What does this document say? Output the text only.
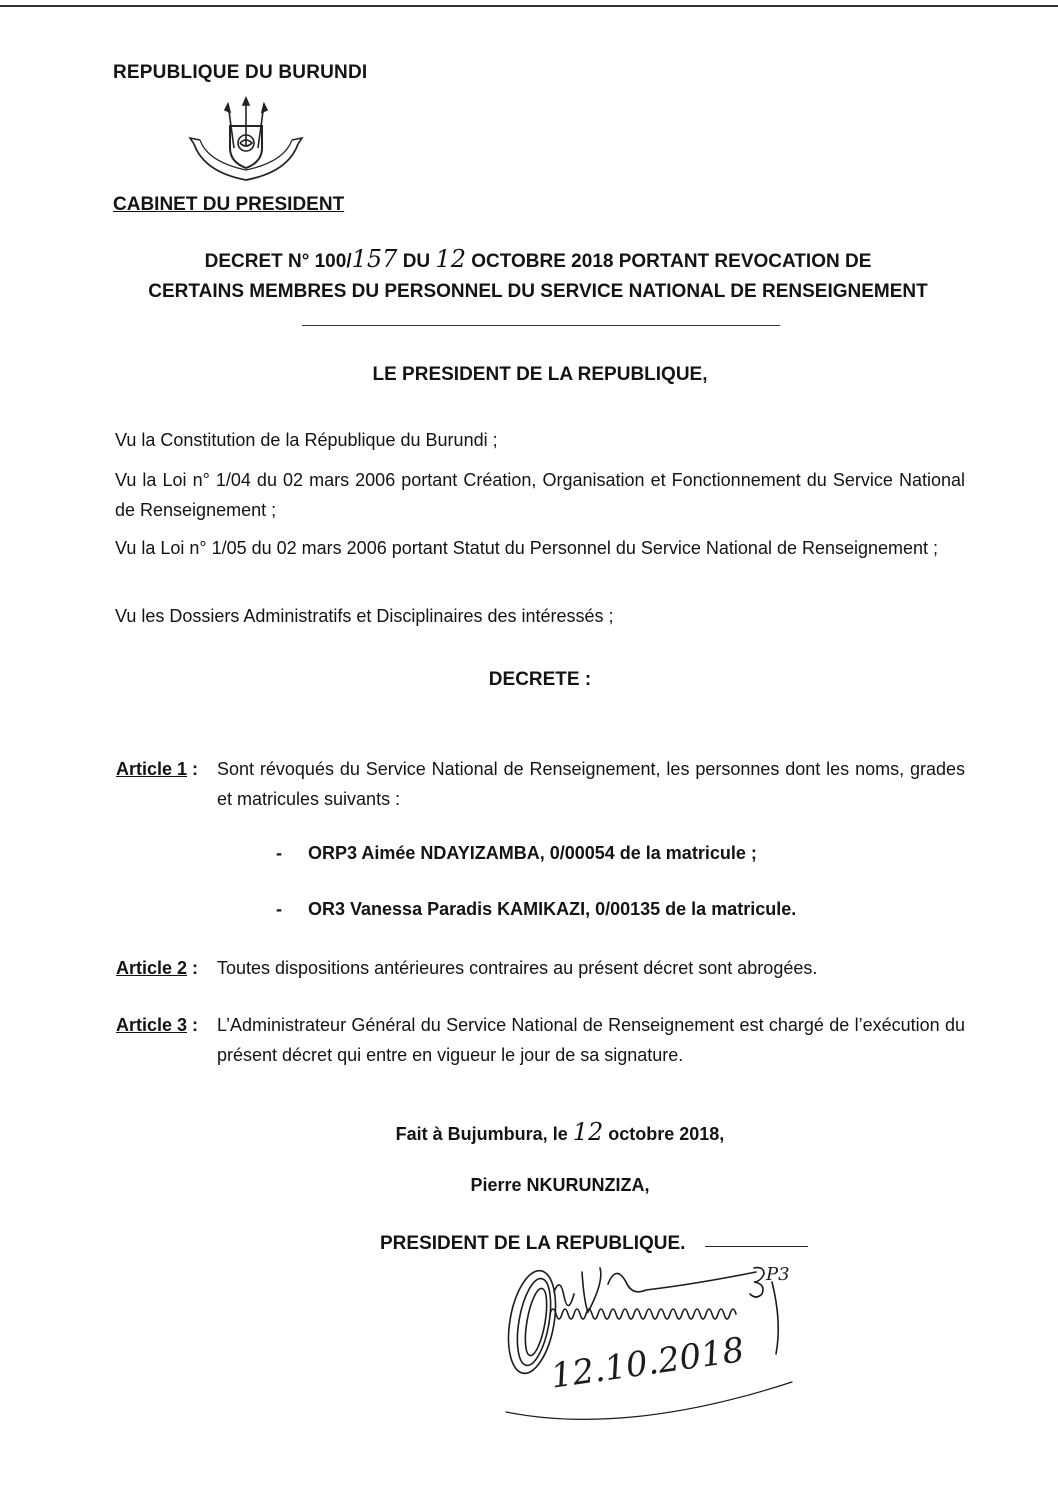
REPUBLIQUE DU BURUNDI
CABINET DU PRESIDENT
DECRET N° 100/157 DU 12 OCTOBRE 2018 PORTANT REVOCATION DE
CERTAINS MEMBRES DU PERSONNEL DU SERVICE NATIONAL DE RENSEIGNEMENT
LE PRESIDENT DE LA REPUBLIQUE,
Vu la Constitution de la République du Burundi ;
Vu la Loi n° 1/04 du 02 mars 2006 portant Création, Organisation et Fonctionnement du Service National de Renseignement ;
Vu la Loi n° 1/05 du 02 mars 2006 portant Statut du Personnel du Service National de Renseignement ;
Vu les Dossiers Administratifs et Disciplinaires des intéressés ;
DECRETE :
Article 1 : Sont révoqués du Service National de Renseignement, les personnes dont les noms, grades et matricules suivants :
- ORP3 Aimée NDAYIZAMBA, 0/00054 de la matricule ;
- OR3 Vanessa Paradis KAMIKAZI, 0/00135 de la matricule.
Article 2 : Toutes dispositions antérieures contraires au présent décret sont abrogées.
Article 3 : L’Administrateur Général du Service National de Renseignement est chargé de l’exécution du présent décret qui entre en vigueur le jour de sa signature.
Fait à Bujumbura, le 12 octobre 2018,
Pierre NKURUNZIZA,
PRESIDENT DE LA REPUBLIQUE.
12.10.2018
P3
